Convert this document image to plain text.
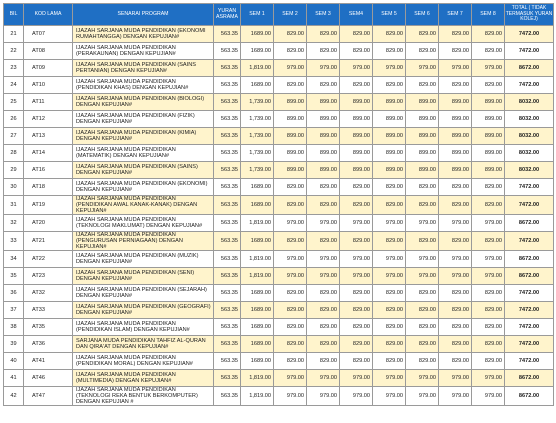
BIL	KOD LAMA	SENARAI PROGRAM	YURAN ASRAMA	SEM 1	SEM 2	SEM 3	SEM4	SEM 5	SEM 6	SEM 7	SEM 8	TOTAL ( TIDAK TERMASUK YURAN KOLEJ)
21	AT07	IJAZAH SARJANA MUDA PENDIDIKAN (EKONOMI RUMAHTANGGA) DENGAN KEPUJIAN#	563.35	1689.00	829.00	829.00	829.00	829.00	829.00	829.00	829.00	7472.00
22	AT08	IJAZAH SARJANA MUDA PENDIDIKAN (PERAKAUNAN) DENGAN KEPUJIAN#	563.35	1689.00	829.00	829.00	829.00	829.00	829.00	829.00	829.00	7472.00
23	AT09	IJAZAH SARJANA MUDA PENDIDIKAN (SAINS PERTANIAN) DENGAN KEPUJIAN#	563.35	1,819.00	979.00	979.00	979.00	979.00	979.00	979.00	979.00	8672.00
24	AT10	IJAZAH SARJANA MUDA PENDIDIKAN (PENDIDIKAN KHAS) DENGAN KEPUJIAN#	563.35	1689.00	829.00	829.00	829.00	829.00	829.00	829.00	829.00	7472.00
25	AT11	IJAZAH SARJANA MUDA PENDIDIKAN (BIOLOGI) DENGAN KEPUJIAN#	563.35	1,739.00	899.00	899.00	899.00	899.00	899.00	899.00	899.00	8032.00
26	AT12	IJAZAH SARJANA MUDA PENDIDIKAN (FIZIK) DENGAN KEPUJIAN#	563.35	1,739.00	899.00	899.00	899.00	899.00	899.00	899.00	899.00	8032.00
27	AT13	IJAZAH SARJANA MUDA PENDIDIKAN (KIMIA) DENGAN KEPUJIAN#	563.35	1,739.00	899.00	899.00	899.00	899.00	899.00	899.00	899.00	8032.00
28	AT14	IJAZAH SARJANA MUDA PENDIDIKAN (MATEMATIK) DENGAN KEPUJIAN#	563.35	1,739.00	899.00	899.00	899.00	899.00	899.00	899.00	899.00	8032.00
29	AT16	IJAZAH SARJANA MUDA PENDIDIKAN (SAINS) DENGAN KEPUJIAN#	563.35	1,739.00	899.00	899.00	899.00	899.00	899.00	899.00	899.00	8032.00
30	AT18	IJAZAH SARJANA MUDA PENDIDIKAN (EKONOMI) DENGAN KEPUJIAN#	563.35	1689.00	829.00	829.00	829.00	829.00	829.00	829.00	829.00	7472.00
31	AT19	IJAZAH SARJANA MUDA PENDIDIKAN (PENDIDIKAN AWAL KANAK-KANAK) DENGAN KEPUJIAN#	563.35	1689.00	829.00	829.00	829.00	829.00	829.00	829.00	829.00	7472.00
32	AT20	IJAZAH SARJANA MUDA PENDIDIKAN (TEKNOLOGI MAKLUMAT) DENGAN KEPUJIAN#	563.35	1,819.00	979.00	979.00	979.00	979.00	979.00	979.00	979.00	8672.00
33	AT21	IJAZAH SARJANA MUDA PENDIDIKAN (PENGURUSAN PERNIAGAAN) DENGAN KEPUJIAN#	563.35	1689.00	829.00	829.00	829.00	829.00	829.00	829.00	829.00	7472.00
34	AT22	IJAZAH SARJANA MUDA PENDIDIKAN (MUZIK) DENGAN KEPUJIAN#	563.35	1,819.00	979.00	979.00	979.00	979.00	979.00	979.00	979.00	8672.00
35	AT23	IJAZAH SARJANA MUDA PENDIDIKAN (SENI) DENGAN KEPUJIAN#	563.35	1,819.00	979.00	979.00	979.00	979.00	979.00	979.00	979.00	8672.00
36	AT32	IJAZAH SARJANA MUDA PENDIDIKAN (SEJARAH) DENGAN KEPUJIAN#	563.35	1689.00	829.00	829.00	829.00	829.00	829.00	829.00	829.00	7472.00
37	AT33	IJAZAH SARJANA MUDA PENDIDIKAN (GEOGRAFI) DENGAN KEPUJIAN#	563.35	1689.00	829.00	829.00	829.00	829.00	829.00	829.00	829.00	7472.00
38	AT35	IJAZAH SARJANA MUDA PENDIDIKAN (PENDIDIKAN ISLAM) DENGAN KEPUJIAN#	563.35	1689.00	829.00	829.00	829.00	829.00	829.00	829.00	829.00	7472.00
39	AT36	SARJANA MUDA PENDIDIKAN TAHFIZ AL-QURAN DAN QIRA'AT DENGAN KEPUJIAN#	563.35	1689.00	829.00	829.00	829.00	829.00	829.00	829.00	829.00	7472.00
40	AT41	IJAZAH SARJANA MUDA PENDIDIKAN (PENDIDIKAN MORAL) DENGAN KEPUJIAN#	563.35	1689.00	829.00	829.00	829.00	829.00	829.00	829.00	829.00	7472.00
41	AT46	IJAZAH SARJANA MUDA PENDIDIKAN (MULTIMEDIA) DENGAN KEPUJIAN#	563.35	1,819.00	979.00	979.00	979.00	979.00	979.00	979.00	979.00	8672.00
42	AT47	IJAZAH SARJANA MUDA PENDIDIKAN (TEKNOLOGI REKA BENTUK BERKOMPUTER) DENGAN KEPUJIAN #	563.35	1,819.00	979.00	979.00	979.00	979.00	979.00	979.00	979.00	8672.00
